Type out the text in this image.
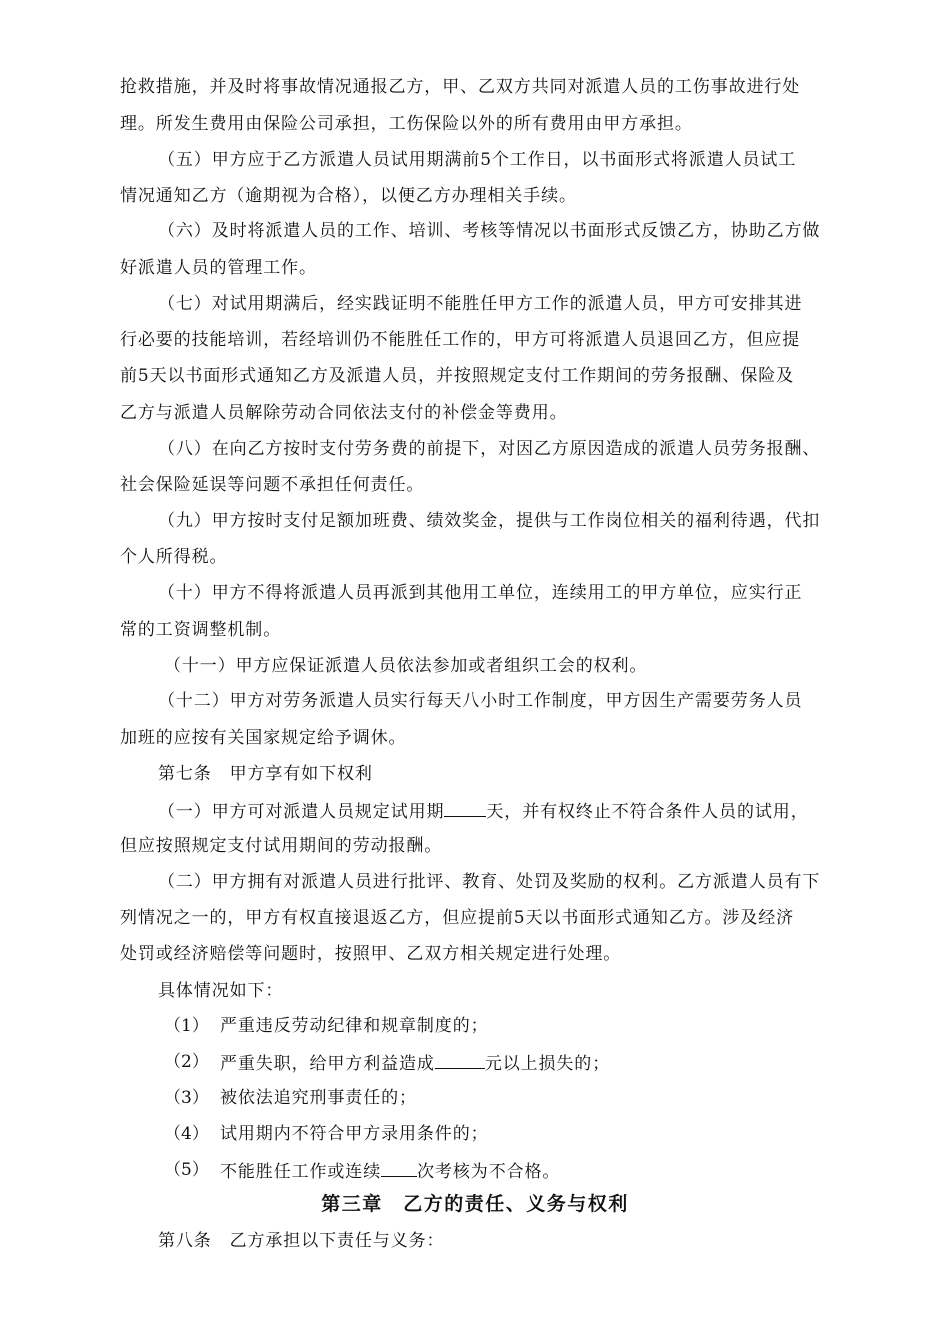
抢救措施，并及时将事故情况通报乙方，甲、乙双方共同对派遣人员的工伤事故进行处
理。所发生费用由保险公司承担，工伤保险以外的所有费用由甲方承担。
（五）甲方应于乙方派遣人员试用期满前5个工作日，以书面形式将派遣人员试工
情况通知乙方（逾期视为合格），以便乙方办理相关手续。
（六）及时将派遣人员的工作、培训、考核等情况以书面形式反馈乙方，协助乙方做
好派遣人员的管理工作。
（七）对试用期满后，经实践证明不能胜任甲方工作的派遣人员，甲方可安排其进
行必要的技能培训，若经培训仍不能胜任工作的，甲方可将派遣人员退回乙方，但应提
前5天以书面形式通知乙方及派遣人员，并按照规定支付工作期间的劳务报酬、保险及
乙方与派遣人员解除劳动合同依法支付的补偿金等费用。
（八）在向乙方按时支付劳务费的前提下，对因乙方原因造成的派遣人员劳务报酬、
社会保险延误等问题不承担任何责任。
（九）甲方按时支付足额加班费、绩效奖金，提供与工作岗位相关的福利待遇，代扣
个人所得税。
（十）甲方不得将派遣人员再派到其他用工单位，连续用工的甲方单位，应实行正
常的工资调整机制。
（十一）甲方应保证派遣人员依法参加或者组织工会的权利。
（十二）甲方对劳务派遣人员实行每天八小时工作制度，甲方因生产需要劳务人员
加班的应按有关国家规定给予调休。
第七条　甲方享有如下权利
（一）甲方可对派遣人员规定试用期 天，并有权终止不符合条件人员的试用，
但应按照规定支付试用期间的劳动报酬。
（二）甲方拥有对派遣人员进行批评、教育、处罚及奖励的权利。乙方派遣人员有下
列情况之一的，甲方有权直接退返乙方，但应提前5天以书面形式通知乙方。涉及经济
处罚或经济赔偿等问题时，按照甲、乙双方相关规定进行处理。
具体情况如下：
（1） 严重违反劳动纪律和规章制度的；
（2） 严重失职，给甲方利益造成	元以上损失的；
（3） 被依法追究刑事责任的；
（4） 试用期内不符合甲方录用条件的；
（5） 不能胜任工作或连续 次考核为不合格。
第三章　乙方的责任、义务与权利
第八条　乙方承担以下责任与义务：
